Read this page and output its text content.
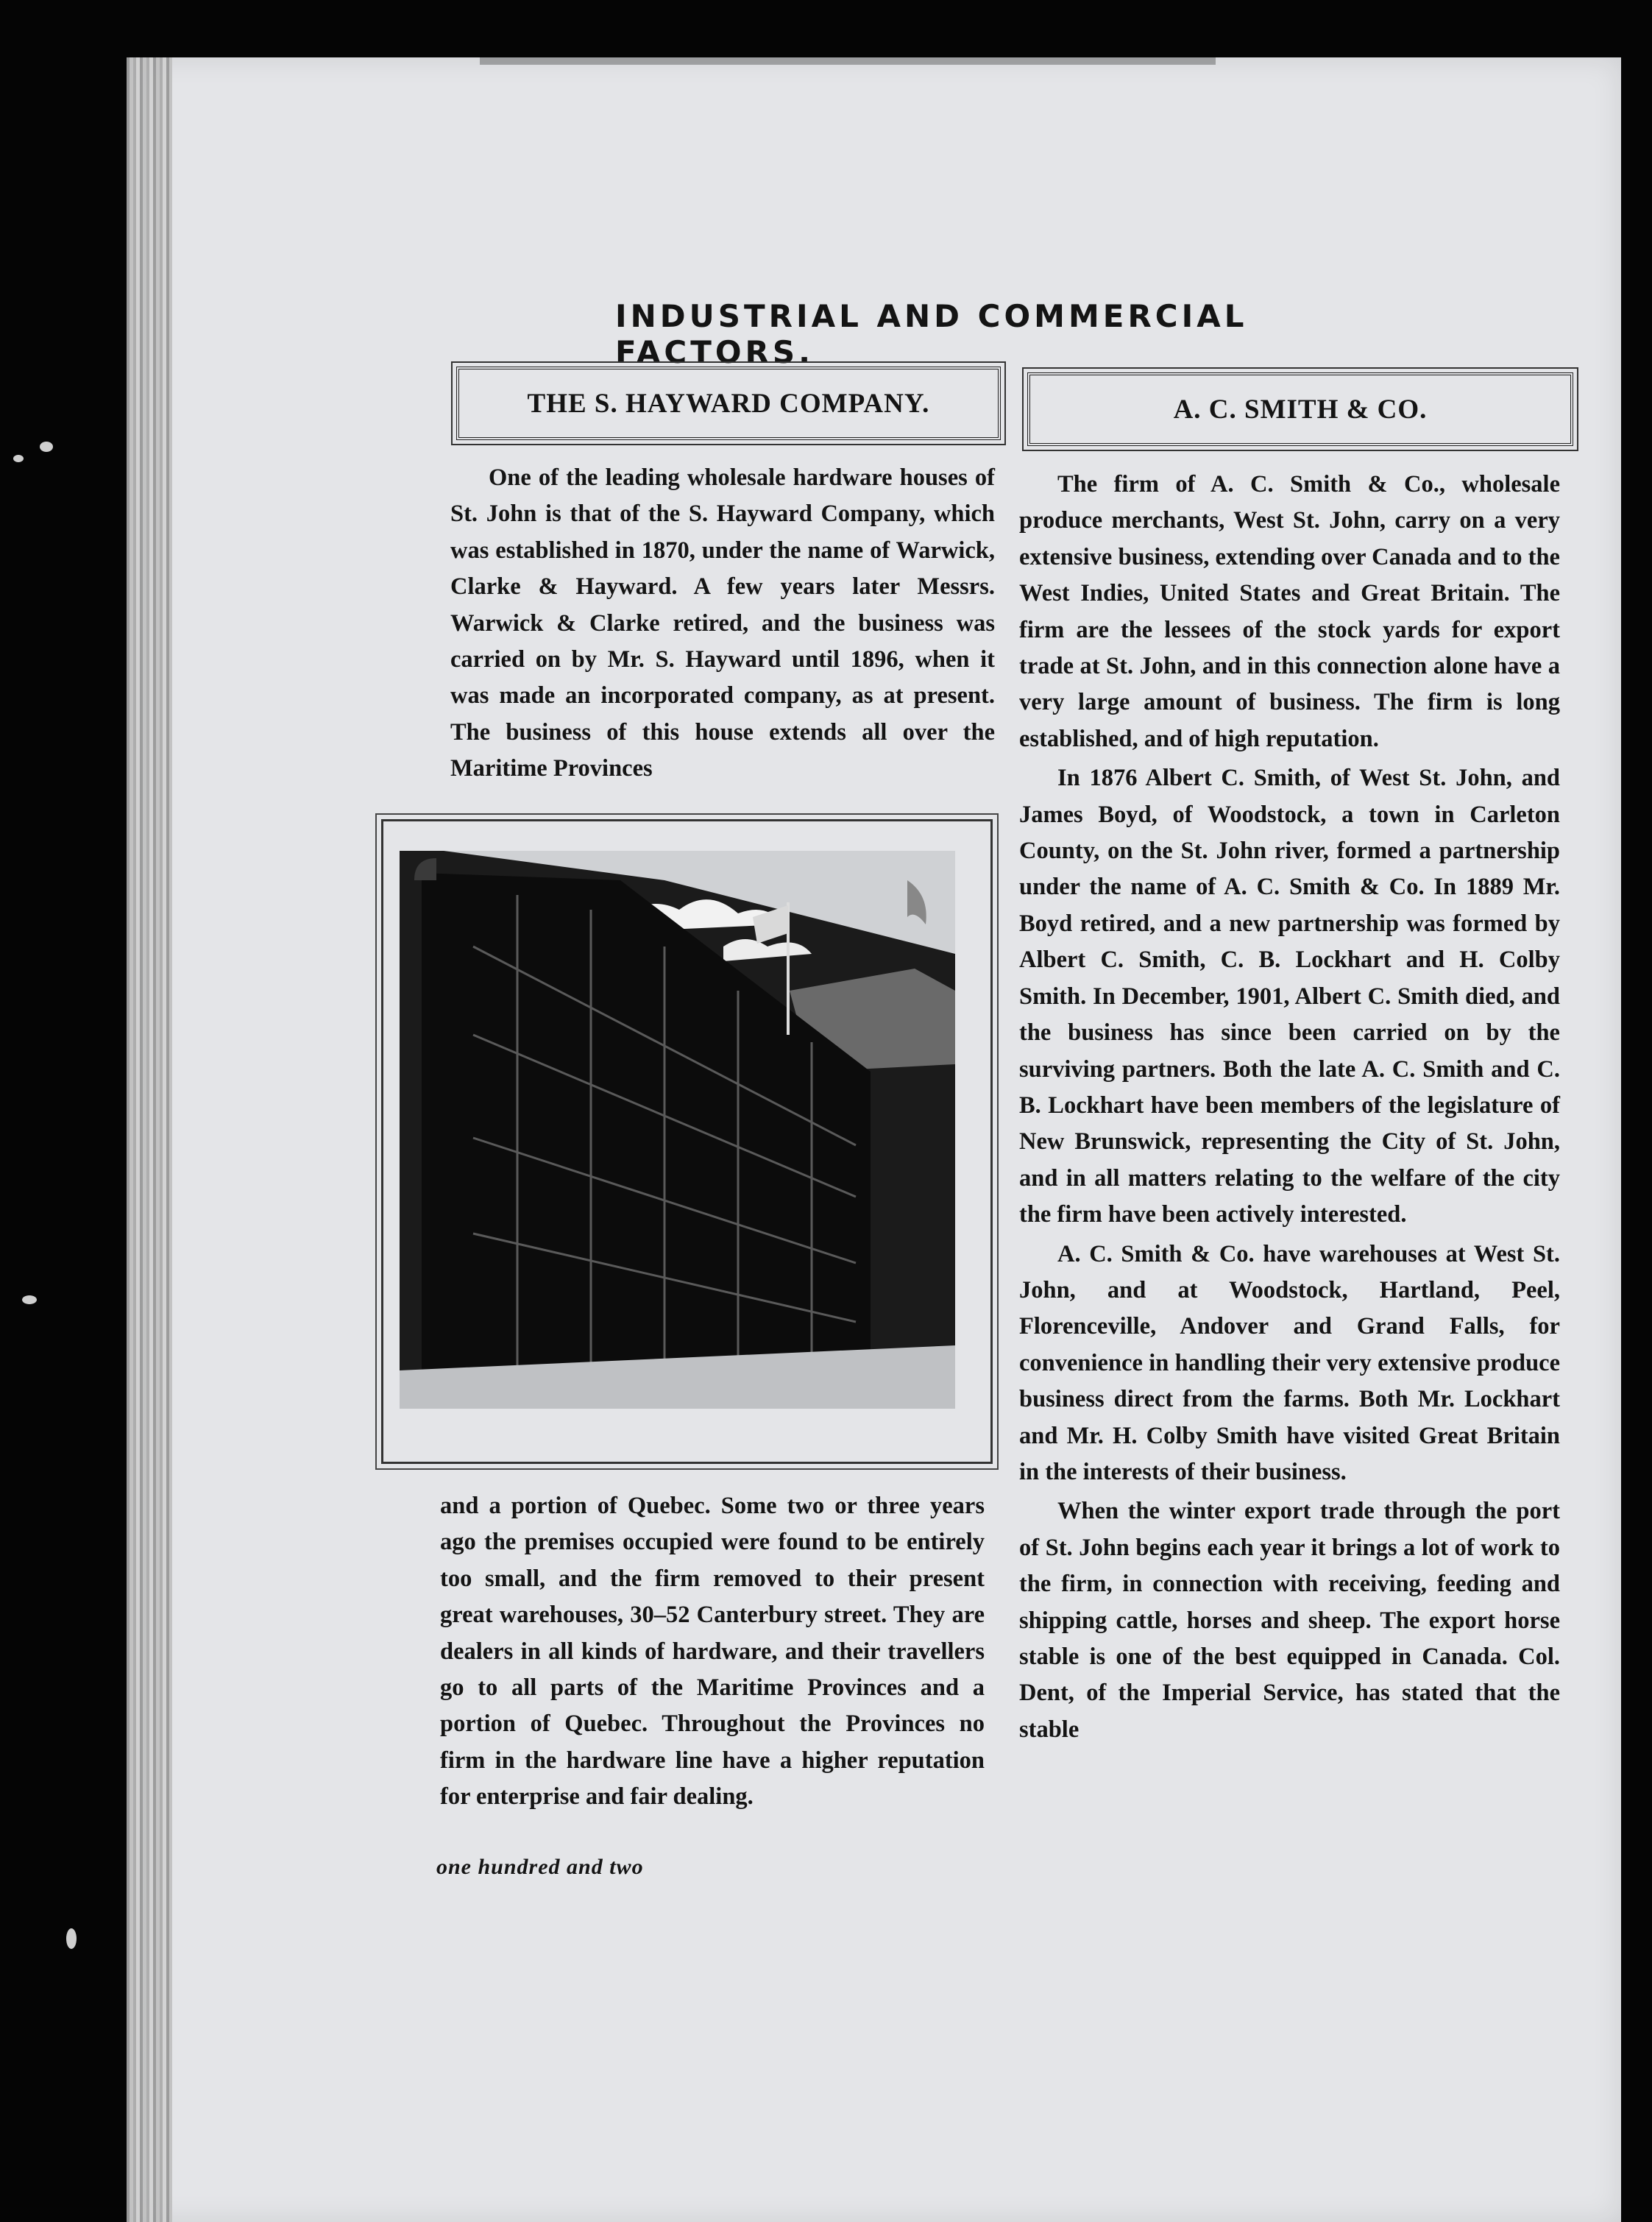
INDUSTRIAL AND COMMERCIAL FACTORS.
THE S. HAYWARD COMPANY.	A. C. SMITH & CO.

One of the leading wholesale hardware houses of St. John is that of the S. Hayward Company, which was established in 1870, under the name of Warwick, Clarke & Hayward. A few years later Messrs. Warwick & Clarke retired, and the business was carried on by Mr. S. Hayward until 1896, when it was made an incorporated company, as at present. The business of this house extends all over the Maritime Provinces

and a portion of Quebec. Some two or three years ago the premises occupied were found to be entirely too small, and the firm removed to their present great warehouses, 30–52 Canterbury street. They are dealers in all kinds of hardware, and their travellers go to all parts of the Maritime Provinces and a portion of Quebec. Throughout the Provinces no firm in the hardware line have a higher reputation for enterprise and fair dealing.

one hundred and two

The firm of A. C. Smith & Co., wholesale produce merchants, West St. John, carry on a very extensive business, extending over Canada and to the West Indies, United States and Great Britain. The firm are the lessees of the stock yards for export trade at St. John, and in this connection alone have a very large amount of business. The firm is long established, and of high reputation.

In 1876 Albert C. Smith, of West St. John, and James Boyd, of Woodstock, a town in Carleton County, on the St. John river, formed a partnership under the name of A. C. Smith & Co. In 1889 Mr. Boyd retired, and a new partnership was formed by Albert C. Smith, C. B. Lockhart and H. Colby Smith. In December, 1901, Albert C. Smith died, and the business has since been carried on by the surviving partners. Both the late A. C. Smith and C. B. Lockhart have been members of the legislature of New Brunswick, representing the City of St. John, and in all matters relating to the welfare of the city the firm have been actively interested.

A. C. Smith & Co. have warehouses at West St. John, and at Woodstock, Hartland, Peel, Florenceville, Andover and Grand Falls, for convenience in handling their very extensive produce business direct from the farms. Both Mr. Lockhart and Mr. H. Colby Smith have visited Great Britain in the interests of their business.

When the winter export trade through the port of St. John begins each year it brings a lot of work to the firm, in connection with receiving, feeding and shipping cattle, horses and sheep. The export horse stable is one of the best equipped in Canada. Col. Dent, of the Imperial Service, has stated that the stable
